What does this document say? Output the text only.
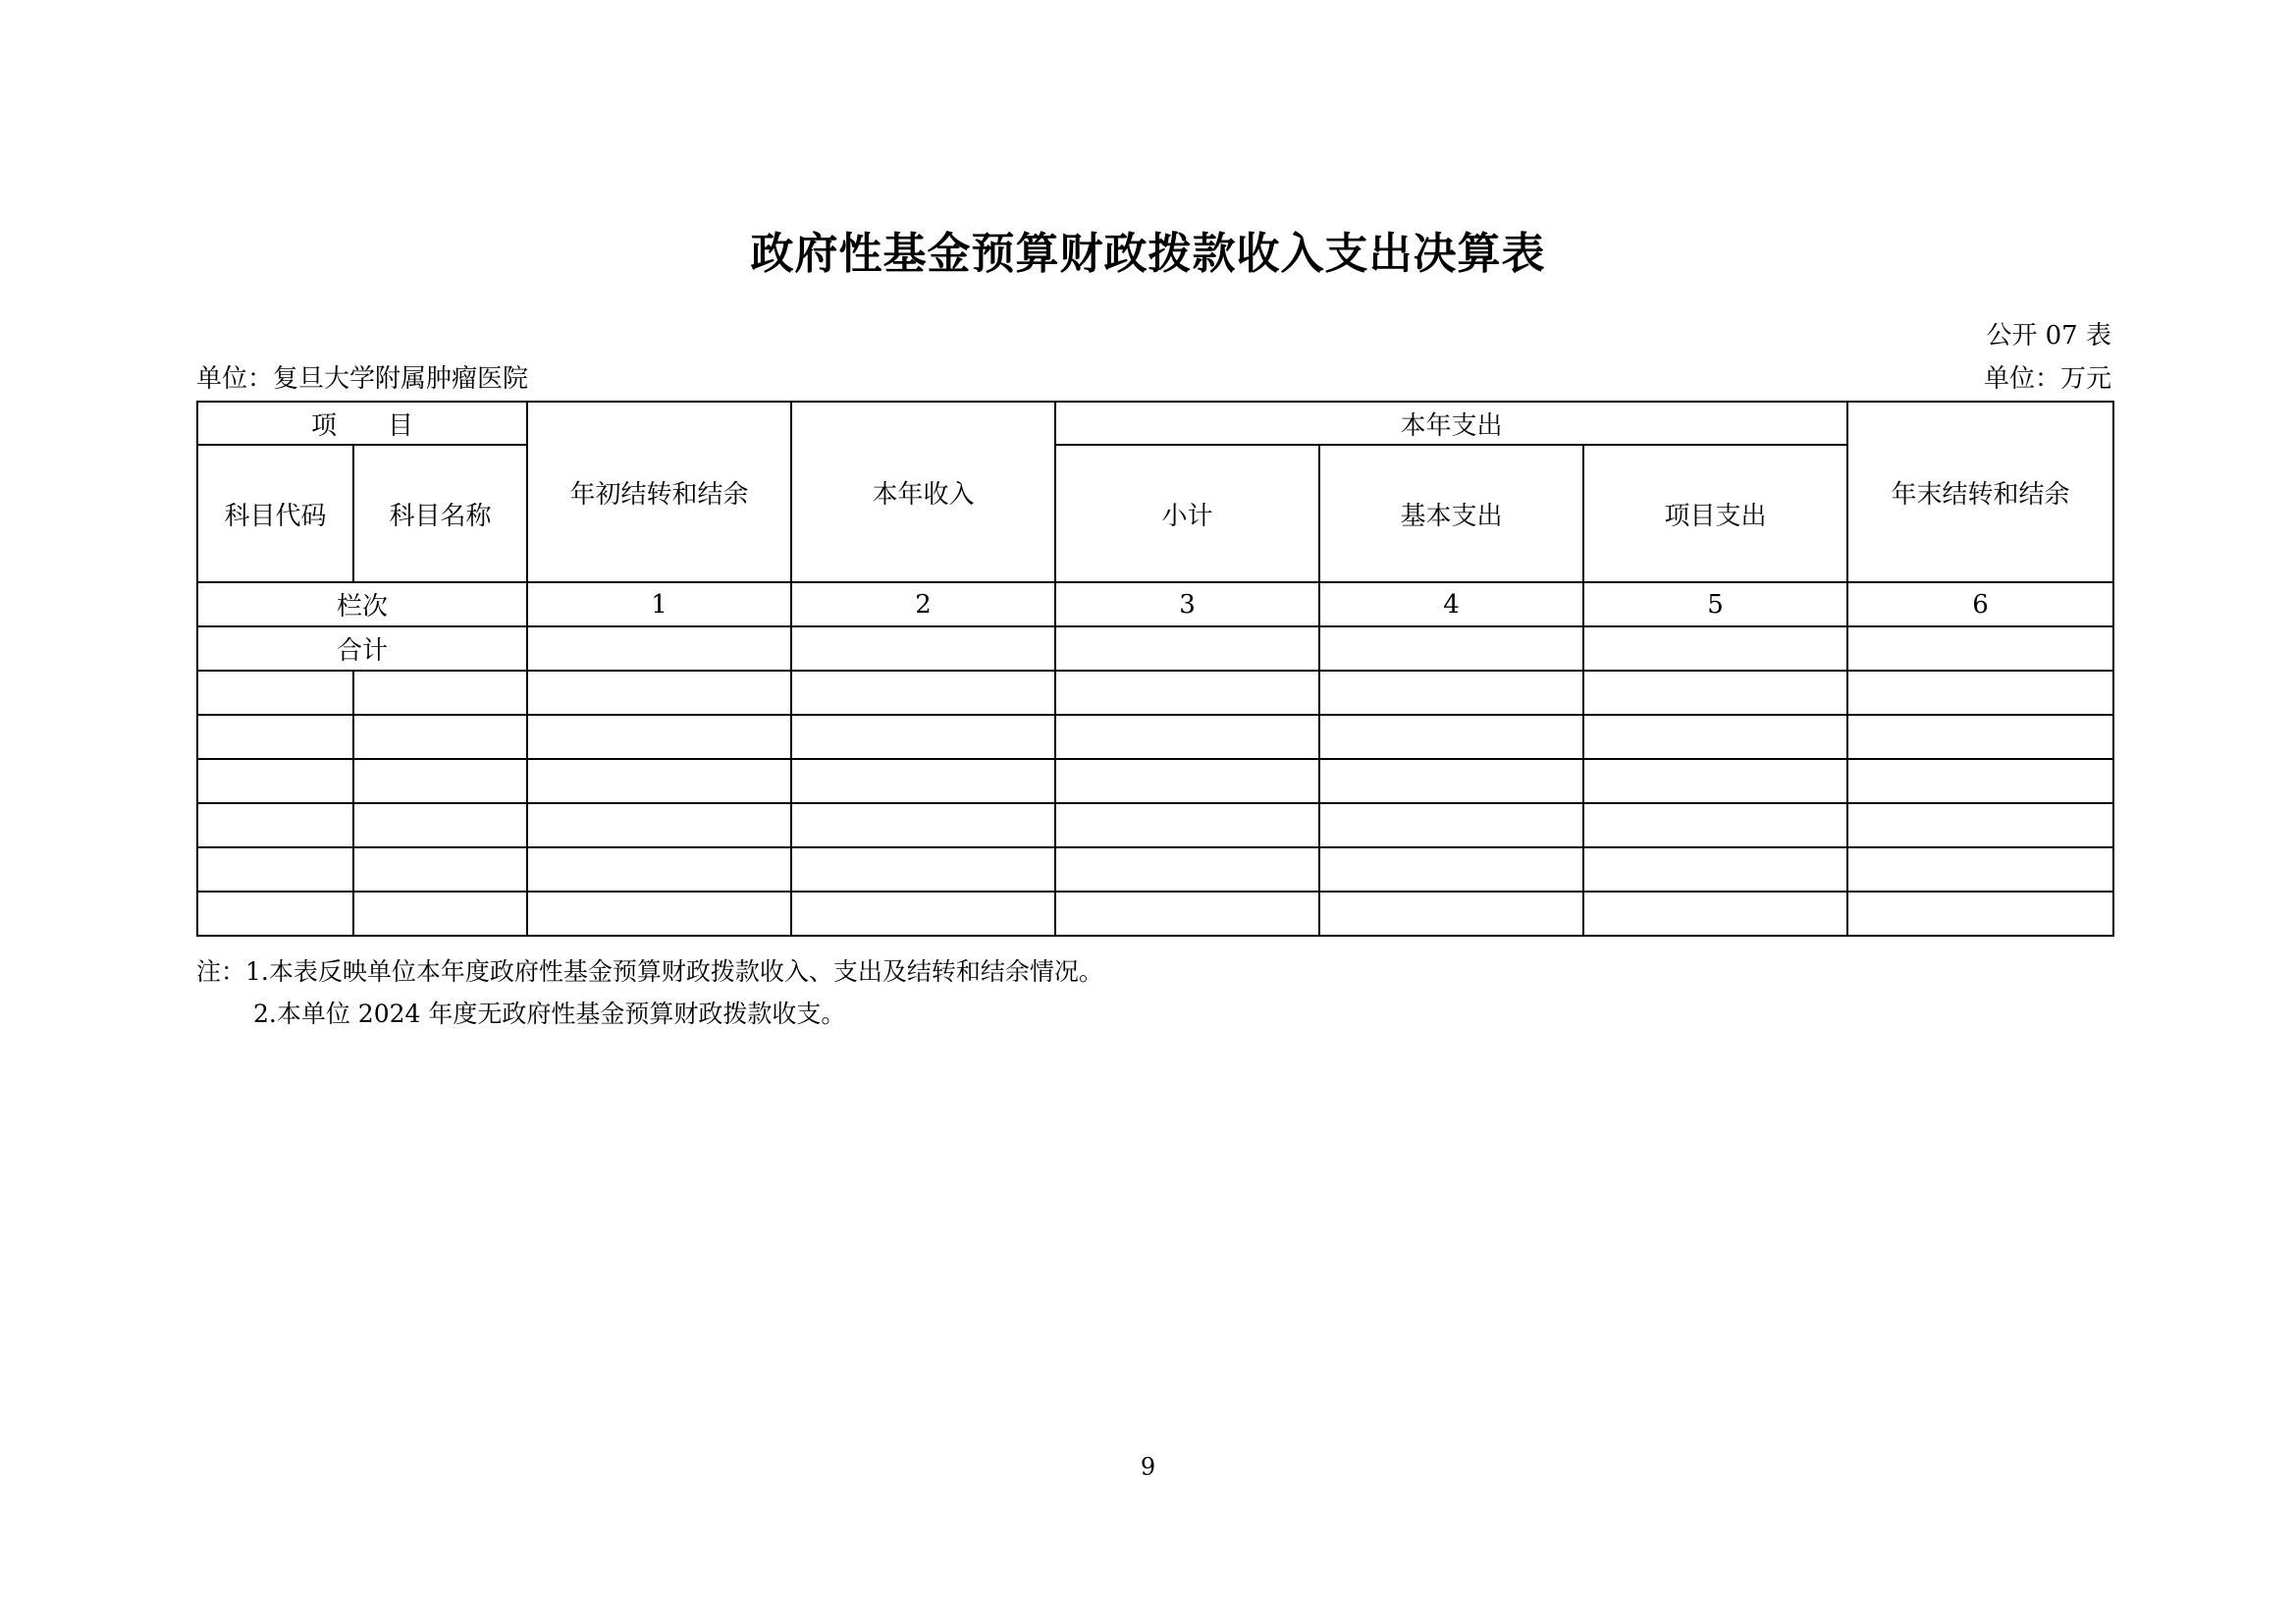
政府性基金预算财政拨款收入支出决算表
公开 07 表
单位：复旦大学附属肿瘤医院	单位：万元
项　　目		年初结转和结余	本年收入	本年支出			年末结转和结余
科目代码	科目名称			小计	基本支出	项目支出	
栏次		1	2	3	4	5	6
合计							

注：1.本表反映单位本年度政府性基金预算财政拨款收入、支出及结转和结余情况。
2.本单位 2024 年度无政府性基金预算财政拨款收支。
9
